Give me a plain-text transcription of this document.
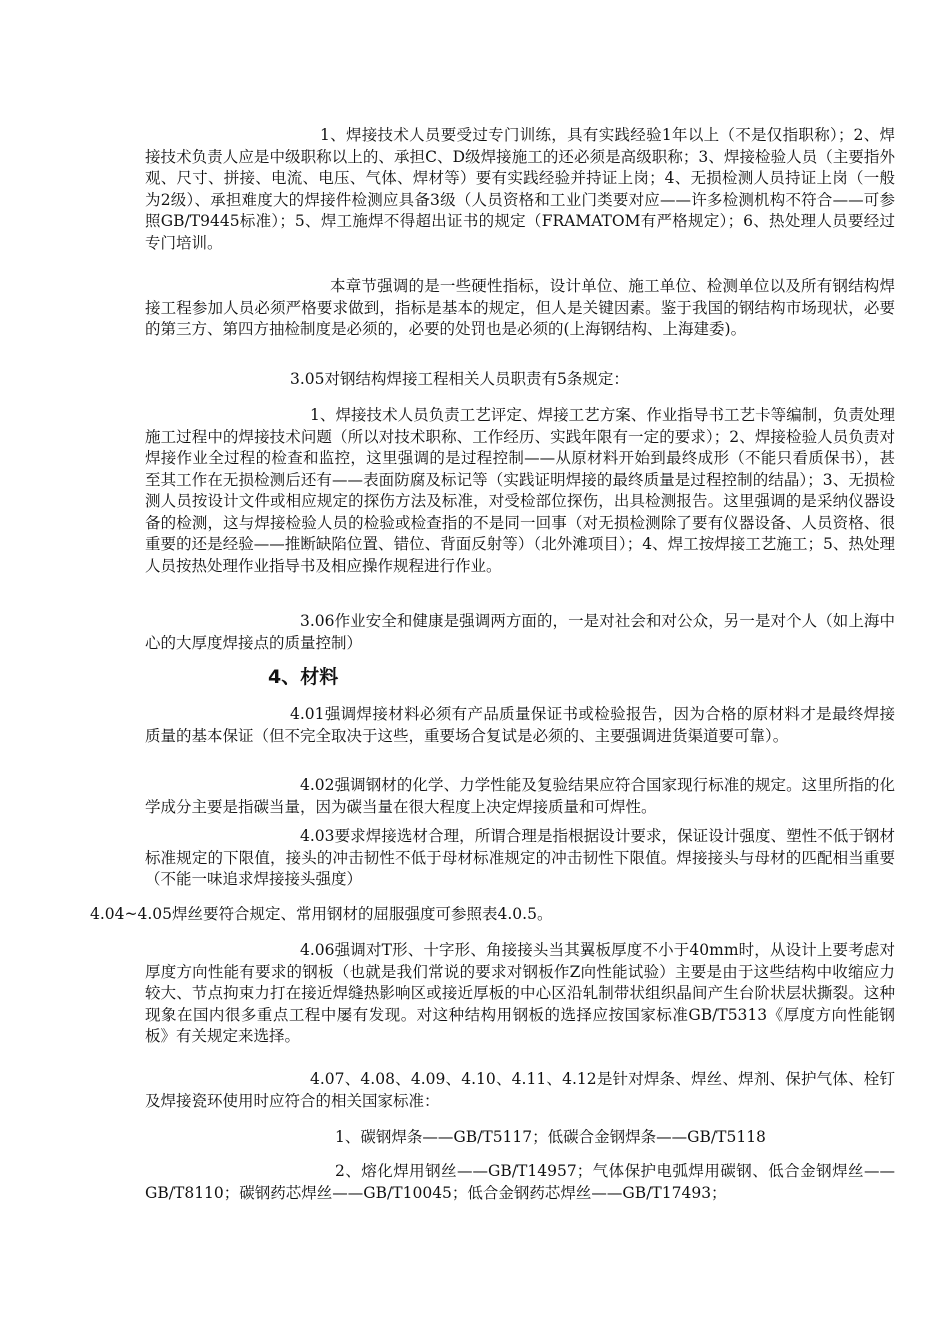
1、焊接技术人员要受过专门训练，具有实践经验1年以上（不是仅指职称）；2、焊接技术负责人应是中级职称以上的、承担C、D级焊接施工的还必须是高级职称；3、焊接检验人员（主要指外观、尺寸、拼接、电流、电压、气体、焊材等）要有实践经验并持证上岗；4、无损检测人员持证上岗（一般为2级）、承担难度大的焊接件检测应具备3级（人员资格和工业门类要对应——许多检测机构不符合——可参照GB/T9445标准）；5、焊工施焊不得超出证书的规定（FRAMATOM有严格规定）；6、热处理人员要经过专门培训。

本章节强调的是一些硬性指标，设计单位、施工单位、检测单位以及所有钢结构焊接工程参加人员必须严格要求做到，指标是基本的规定，但人是关键因素。鉴于我国的钢结构市场现状，必要的第三方、第四方抽检制度是必须的，必要的处罚也是必须的(上海钢结构、上海建委)。

3.05对钢结构焊接工程相关人员职责有5条规定：

1、焊接技术人员负责工艺评定、焊接工艺方案、作业指导书工艺卡等编制，负责处理施工过程中的焊接技术问题（所以对技术职称、工作经历、实践年限有一定的要求）；2、焊接检验人员负责对焊接作业全过程的检查和监控，这里强调的是过程控制——从原材料开始到最终成形（不能只看质保书），甚至其工作在无损检测后还有——表面防腐及标记等（实践证明焊接的最终质量是过程控制的结晶）；3、无损检测人员按设计文件或相应规定的探伤方法及标准，对受检部位探伤，出具检测报告。这里强调的是采纳仪器设备的检测，这与焊接检验人员的检验或检查指的不是同一回事（对无损检测除了要有仪器设备、人员资格、很重要的还是经验——推断缺陷位置、错位、背面反射等）（北外滩项目）；4、焊工按焊接工艺施工；5、热处理人员按热处理作业指导书及相应操作规程进行作业。

3.06作业安全和健康是强调两方面的，一是对社会和对公众，另一是对个人（如上海中心的大厚度焊接点的质量控制）

4、材料

4.01强调焊接材料必须有产品质量保证书或检验报告，因为合格的原材料才是最终焊接质量的基本保证（但不完全取决于这些，重要场合复试是必须的、主要强调进货渠道要可靠）。

4.02强调钢材的化学、力学性能及复验结果应符合国家现行标准的规定。这里所指的化学成分主要是指碳当量，因为碳当量在很大程度上决定焊接质量和可焊性。

4.03要求焊接选材合理，所谓合理是指根据设计要求，保证设计强度、塑性不低于钢材标准规定的下限值，接头的冲击韧性不低于母材标准规定的冲击韧性下限值。焊接接头与母材的匹配相当重要（不能一味追求焊接接头强度）

4.04~4.05焊丝要符合规定、常用钢材的屈服强度可参照表4.0.5。

4.06强调对T形、十字形、角接接头当其翼板厚度不小于40mm时，从设计上要考虑对厚度方向性能有要求的钢板（也就是我们常说的要求对钢板作Z向性能试验）主要是由于这些结构中收缩应力较大、节点拘束力打在接近焊缝热影响区或接近厚板的中心区沿轧制带状组织晶间产生台阶状层状撕裂。这种现象在国内很多重点工程中屡有发现。对这种结构用钢板的选择应按国家标准GB/T5313《厚度方向性能钢板》有关规定来选择。

4.07、4.08、4.09、4.10、4.11、4.12是针对焊条、焊丝、焊剂、保护气体、栓钉及焊接瓷环使用时应符合的相关国家标准：

1、碳钢焊条——GB/T5117；低碳合金钢焊条——GB/T5118

2、熔化焊用钢丝——GB/T14957；气体保护电弧焊用碳钢、低合金钢焊丝——GB/T8110；碳钢药芯焊丝——GB/T10045；低合金钢药芯焊丝——GB/T17493；
